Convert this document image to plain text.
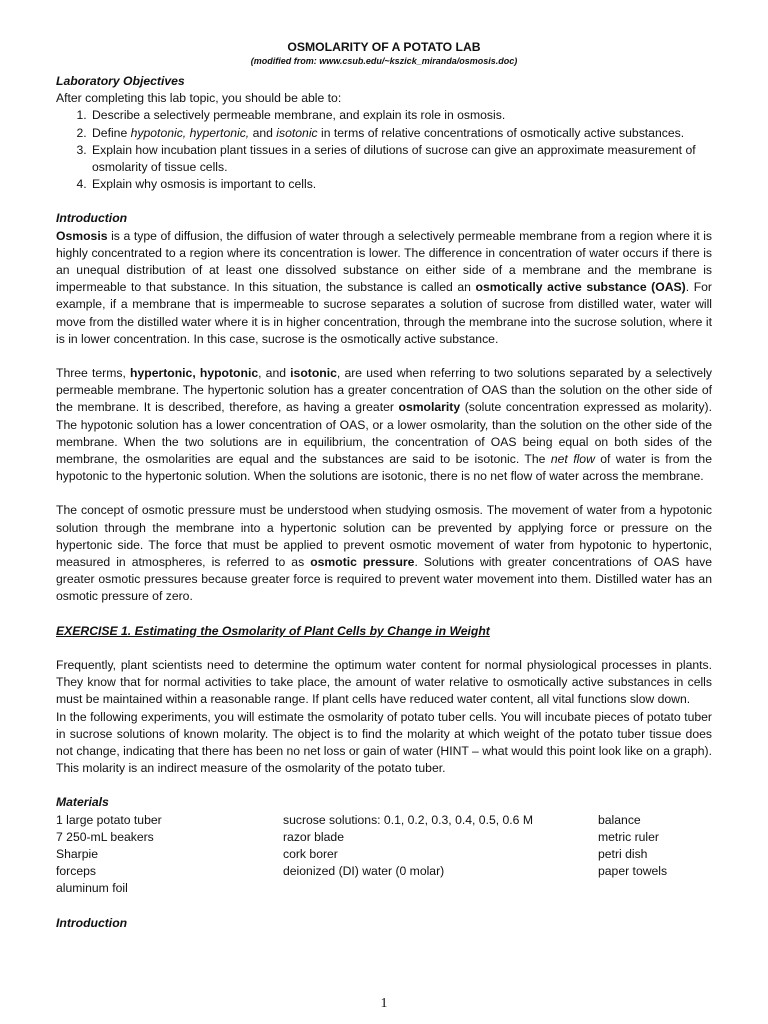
OSMOLARITY OF A POTATO LAB
(modified from: www.csub.edu/~kszick_miranda/osmosis.doc)
Laboratory Objectives

After completing this lab topic, you should be able to:

1. Describe a selectively permeable membrane, and explain its role in osmosis.
2. Define hypotonic, hypertonic, and isotonic in terms of relative concentrations of osmotically active substances.
3. Explain how incubation plant tissues in a series of dilutions of sucrose can give an approximate measurement of osmolarity of tissue cells.
4. Explain why osmosis is important to cells.
Introduction

Osmosis is a type of diffusion, the diffusion of water through a selectively permeable membrane from a region where it is highly concentrated to a region where its concentration is lower. The difference in concentration of water occurs if there is an unequal distribution of at least one dissolved substance on either side of a membrane and the membrane is impermeable to that substance. In this situation, the substance is called an osmotically active substance (OAS). For example, if a membrane that is impermeable to sucrose separates a solution of sucrose from distilled water, water will move from the distilled water where it is in higher concentration, through the membrane into the sucrose solution, where it is in lower concentration. In this case, sucrose is the osmotically active substance.

Three terms, hypertonic, hypotonic, and isotonic, are used when referring to two solutions separated by a selectively permeable membrane. The hypertonic solution has a greater concentration of OAS than the solution on the other side of the membrane. It is described, therefore, as having a greater osmolarity (solute concentration expressed as molarity). The hypotonic solution has a lower concentration of OAS, or a lower osmolarity, than the solution on the other side of the membrane. When the two solutions are in equilibrium, the concentration of OAS being equal on both sides of the membrane, the osmolarities are equal and the substances are said to be isotonic. The net flow of water is from the hypotonic to the hypertonic solution. When the solutions are isotonic, there is no net flow of water across the membrane.

The concept of osmotic pressure must be understood when studying osmosis. The movement of water from a hypotonic solution through the membrane into a hypertonic solution can be prevented by applying force or pressure on the hypertonic side. The force that must be applied to prevent osmotic movement of water from hypotonic to hypertonic, measured in atmospheres, is referred to as osmotic pressure. Solutions with greater concentrations of OAS have greater osmotic pressures because greater force is required to prevent water movement into them. Distilled water has an osmotic pressure of zero.

EXERCISE 1. Estimating the Osmolarity of Plant Cells by Change in Weight

Frequently, plant scientists need to determine the optimum water content for normal physiological processes in plants. They know that for normal activities to take place, the amount of water relative to osmotically active substances in cells must be maintained within a reasonable range. If plant cells have reduced water content, all vital functions slow down.

In the following experiments, you will estimate the osmolarity of potato tuber cells. You will incubate pieces of potato tuber in sucrose solutions of known molarity. The object is to find the molarity at which weight of the potato tuber tissue does not change, indicating that there has been no net loss or gain of water (HINT – what would this point look like on a graph). This molarity is an indirect measure of the osmolarity of the potato tuber.

Materials
1 large potato tuber	sucrose solutions: 0.1, 0.2, 0.3, 0.4, 0.5, 0.6 M	balance
7 250-mL beakers	razor blade	metric ruler
Sharpie	cork borer	petri dish
forceps	deionized (DI) water (0 molar)	paper towels
aluminum foil
Introduction
1
